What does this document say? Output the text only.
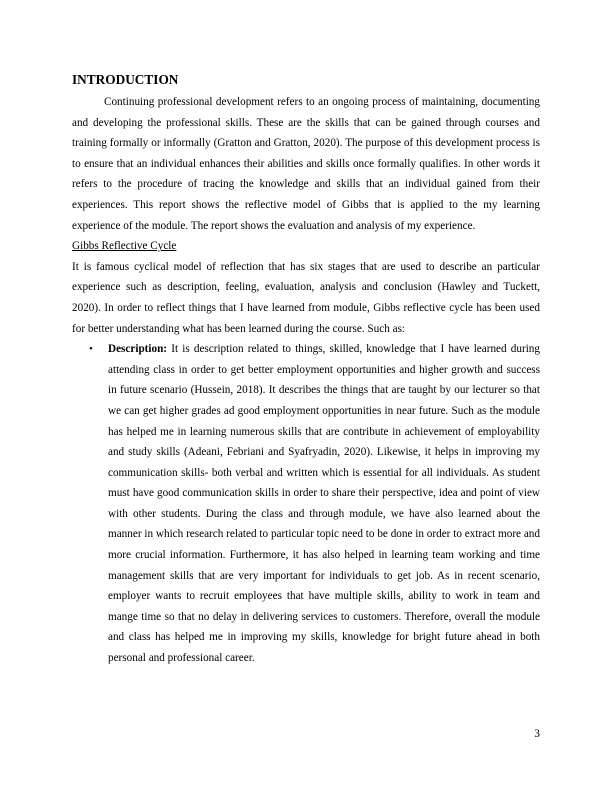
INTRODUCTION

Continuing professional development refers to an ongoing process of maintaining, documenting and developing the professional skills. These are the skills that can be gained through courses and training formally or informally (Gratton and Gratton, 2020). The purpose of this development process is to ensure that an individual enhances their abilities and skills once formally qualifies. In other words it refers to the procedure of tracing the knowledge and skills that an individual gained from their experiences. This report shows the reflective model of Gibbs that is applied to the my learning experience of the module. The report shows the evaluation and analysis of my experience.

Gibbs Reflective Cycle

It is famous cyclical model of reflection that has six stages that are used to describe an particular experience such as description, feeling, evaluation, analysis and conclusion (Hawley and Tuckett, 2020). In order to reflect things that I have learned from module, Gibbs reflective cycle has been used for better understanding what has been learned during the course. Such as:

• Description: It is description related to things, skilled, knowledge that I have learned during attending class in order to get better employment opportunities and higher growth and success in future scenario (Hussein, 2018). It describes the things that are taught by our lecturer so that we can get higher grades ad good employment opportunities in near future. Such as the module has helped me in learning numerous skills that are contribute in achievement of employability and study skills (Adeani, Febriani and Syafryadin, 2020). Likewise, it helps in improving my communication skills- both verbal and written which is essential for all individuals. As student must have good communication skills in order to share their perspective, idea and point of view with other students. During the class and through module, we have also learned about the manner in which research related to particular topic need to be done in order to extract more and more crucial information. Furthermore, it has also helped in learning team working and time management skills that are very important for individuals to get job. As in recent scenario, employer wants to recruit employees that have multiple skills, ability to work in team and mange time so that no delay in delivering services to customers. Therefore, overall the module and class has helped me in improving my skills, knowledge for bright future ahead in both personal and professional career.
3
